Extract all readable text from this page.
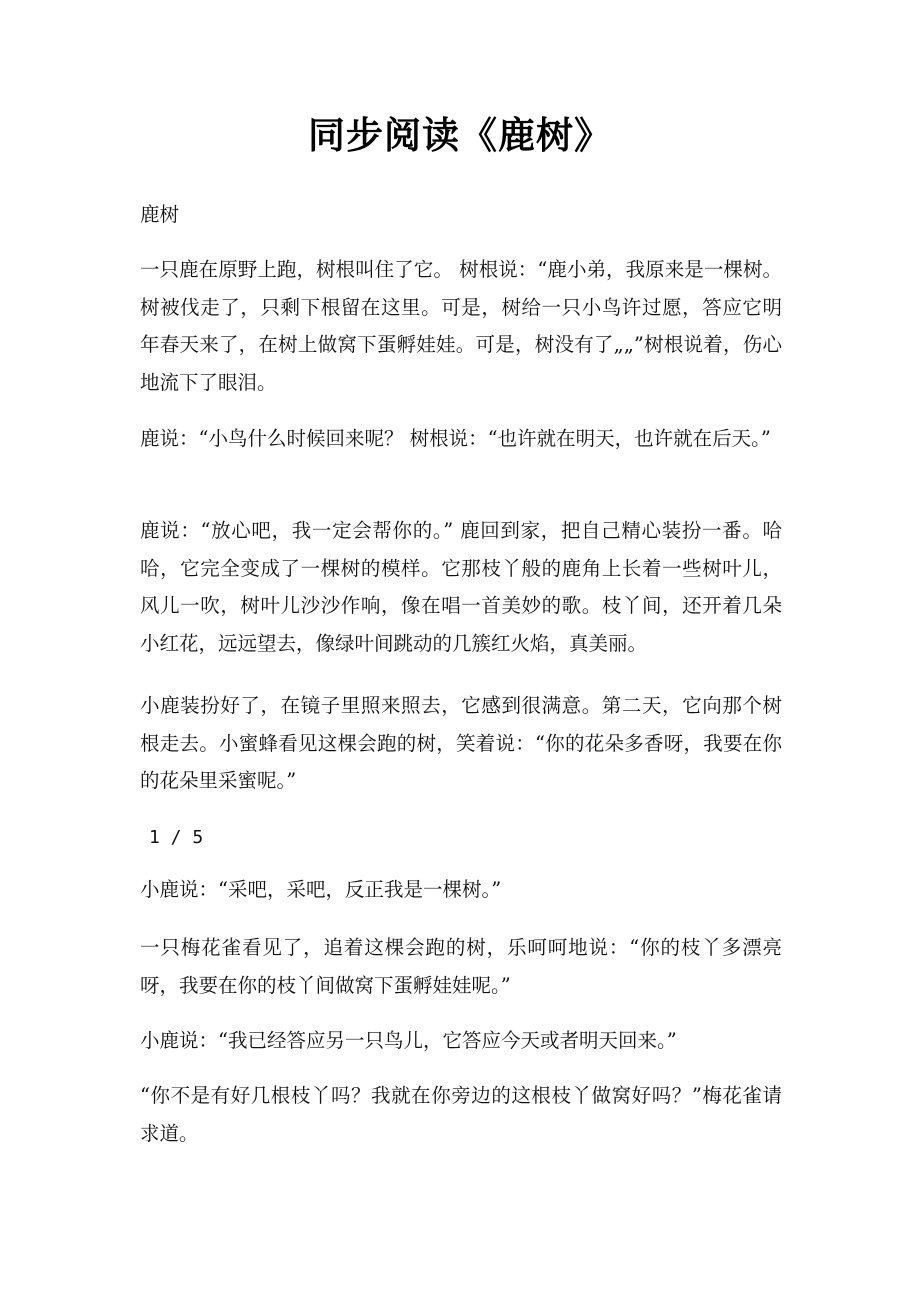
同步阅读《鹿树》

鹿树

一只鹿在原野上跑，树根叫住了它。 树根说：“鹿小弟，我原来是一棵树。树被伐走了，只剩下根留在这里。可是，树给一只小鸟许过愿，答应它明年春天来了，在树上做窝下蛋孵娃娃。可是，树没有了„„”树根说着，伤心地流下了眼泪。

鹿说：“小鸟什么时候回来呢？ 树根说：“也许就在明天，也许就在后天。”

鹿说：“放心吧，我一定会帮你的。” 鹿回到家，把自己精心装扮一番。哈哈，它完全变成了一棵树的模样。它那枝丫般的鹿角上长着一些树叶儿，风儿一吹，树叶儿沙沙作响，像在唱一首美妙的歌。枝丫间，还开着几朵小红花，远远望去，像绿叶间跳动的几簇红火焰，真美丽。

小鹿装扮好了，在镜子里照来照去，它感到很满意。第二天，它向那个树根走去。小蜜蜂看见这棵会跑的树，笑着说：“你的花朵多香呀，我要在你的花朵里采蜜呢。”

1 / 5

小鹿说：“采吧，采吧，反正我是一棵树。”

一只梅花雀看见了，追着这棵会跑的树，乐呵呵地说：“你的枝丫多漂亮呀，我要在你的枝丫间做窝下蛋孵娃娃呢。”

小鹿说：“我已经答应另一只鸟儿，它答应今天或者明天回来。”

“你不是有好几根枝丫吗？我就在你旁边的这根枝丫做窝好吗？”梅花雀请求道。
